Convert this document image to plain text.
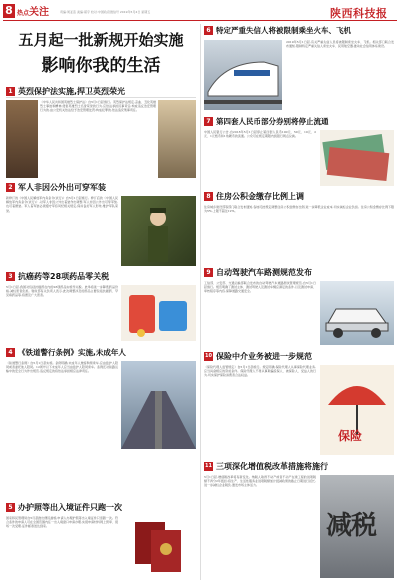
8 热点 关注	责编:周亚苗 美编:郝宇 校对:中国政府微信号 2019年5月4日 星期五	陕西科技报
五月起一批新规开始实施
影响你我的生活
1 英烈保护法实施,捍卫英烈荣光
《中华人民共和国英雄烈士保护法》自5月1日起施行。英烈保护法规定,歪曲、丑化英雄烈士事迹和精神,侵害英雄烈士名誉荣誉的行为,应依法承担民事责任;构成违反治安管理行为的,由公安机关依法给予治安管理处罚;构成犯罪的,依法追究刑事责任。
2 军人非因公外出可穿军装
新修订的《中国人民解放军内务条令(试行)》自5月1日起施行。修订后的《中国人民解放军内务条令(试行)》,对军人非因公外出着装作出调整:军人非因公外出可穿军装,也可着便装。军人着军装必须遵守军容风纪相关规定,保持良好军人形象,维护军队荣誉。
3 抗癌药等28项药品零关税
5月1日起,我国对包括抗癌药在内的28项药品实施零关税。此举将进一步降低药品价格,减轻患者负担。财政部有关负责人表示,此次调整涉及的药品主要包括抗癌药、罕见病药品等,将惠及广大患者。
4 《铁道警行条例》实施,未成年人
《铁道警行条例》自5月1日起实施。条例明确,未成年人旅客购票乘车,应由监护人陪同或者委托他人陪同。12周岁以下未成年人应当由监护人陪同乘车。条例还对铁路运输中的安全行为作出规范,违反规定的将依法承担相应法律责任。
5 办护照等出入境证件只跑一次
国家移民管理局自5月起推出便民措施,申请人办理护照等出入境证件只需跑一次。符合条件的申请人可在全国范围内任一出入境窗口申请办理,实现申请材料网上预审、现场一次受理,证件邮寄送达到家。
6 特定严重失信人将被限制乘坐火车、飞机
2019年5月1日起,有关严重失信人员将被限制乘坐火车、飞机。相关部门联合发布通知,限制特定严重失信人乘坐火车、民用航空器,推动社会信用体系建设。
7 第四套人民币部分券别将停止流通
中国人民银行公告,自2018年5月1日起停止第四套人民币100元、50元、10元、2元、1元纸币和1角硬币的流通。公众可在规定期限内到银行网点兑换。
8 住房公积金缴存比例上调
住房城乡建设部等部门联合发布通知,各地可按规定调整住房公积金缴存比例,进一步降低企业成本,切实减轻企业负担。住房公积金缴存比例下限为5%,上限不超过12%。
9 自动驾驶汽车路测规范发布
工信部、公安部、交通运输部联合发布的自动驾驶汽车道路测试管理规范,自5月1日起施行。规范明确了测试主体、测试驾驶人及测试车辆应满足的条件,以及测试申请、审核程序等内容,保障道路交通安全。
10 保险中介业务被进一步规范
《保险代理人监管规定》自5月1日起施行。规定明确,保险代理人从事保险代理业务,应当具备相应的资质条件。保险代理人不得从事欺骗投保人、被保险人、受益人的行为,切实保护保险消费者合法权益。
保险
11 三项深化增值税改革措施将施行
5月1日起,增值税改革将有新变化。纳税人取得不动产或者不动产在建工程的进项税额不再分2年抵扣;将生产、生活性服务业进项税额加计抵减政策的截止日期进行延长,进一步减轻企业税负,激发市场主体活力。
减税
